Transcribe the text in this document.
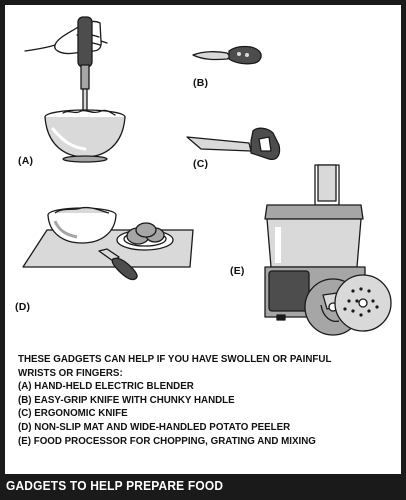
(A)
(B)
(C)
(D)
(E)
THESE GADGETS CAN HELP IF YOU HAVE SWOLLEN OR PAINFUL
WRISTS OR FINGERS:
(A) HAND-HELD ELECTRIC BLENDER
(B) EASY-GRIP KNIFE WITH CHUNKY HANDLE
(C) ERGONOMIC KNIFE
(D) NON-SLIP MAT AND WIDE-HANDLED POTATO PEELER
(E) FOOD PROCESSOR FOR CHOPPING, GRATING AND MIXING
GADGETS TO HELP PREPARE FOOD
